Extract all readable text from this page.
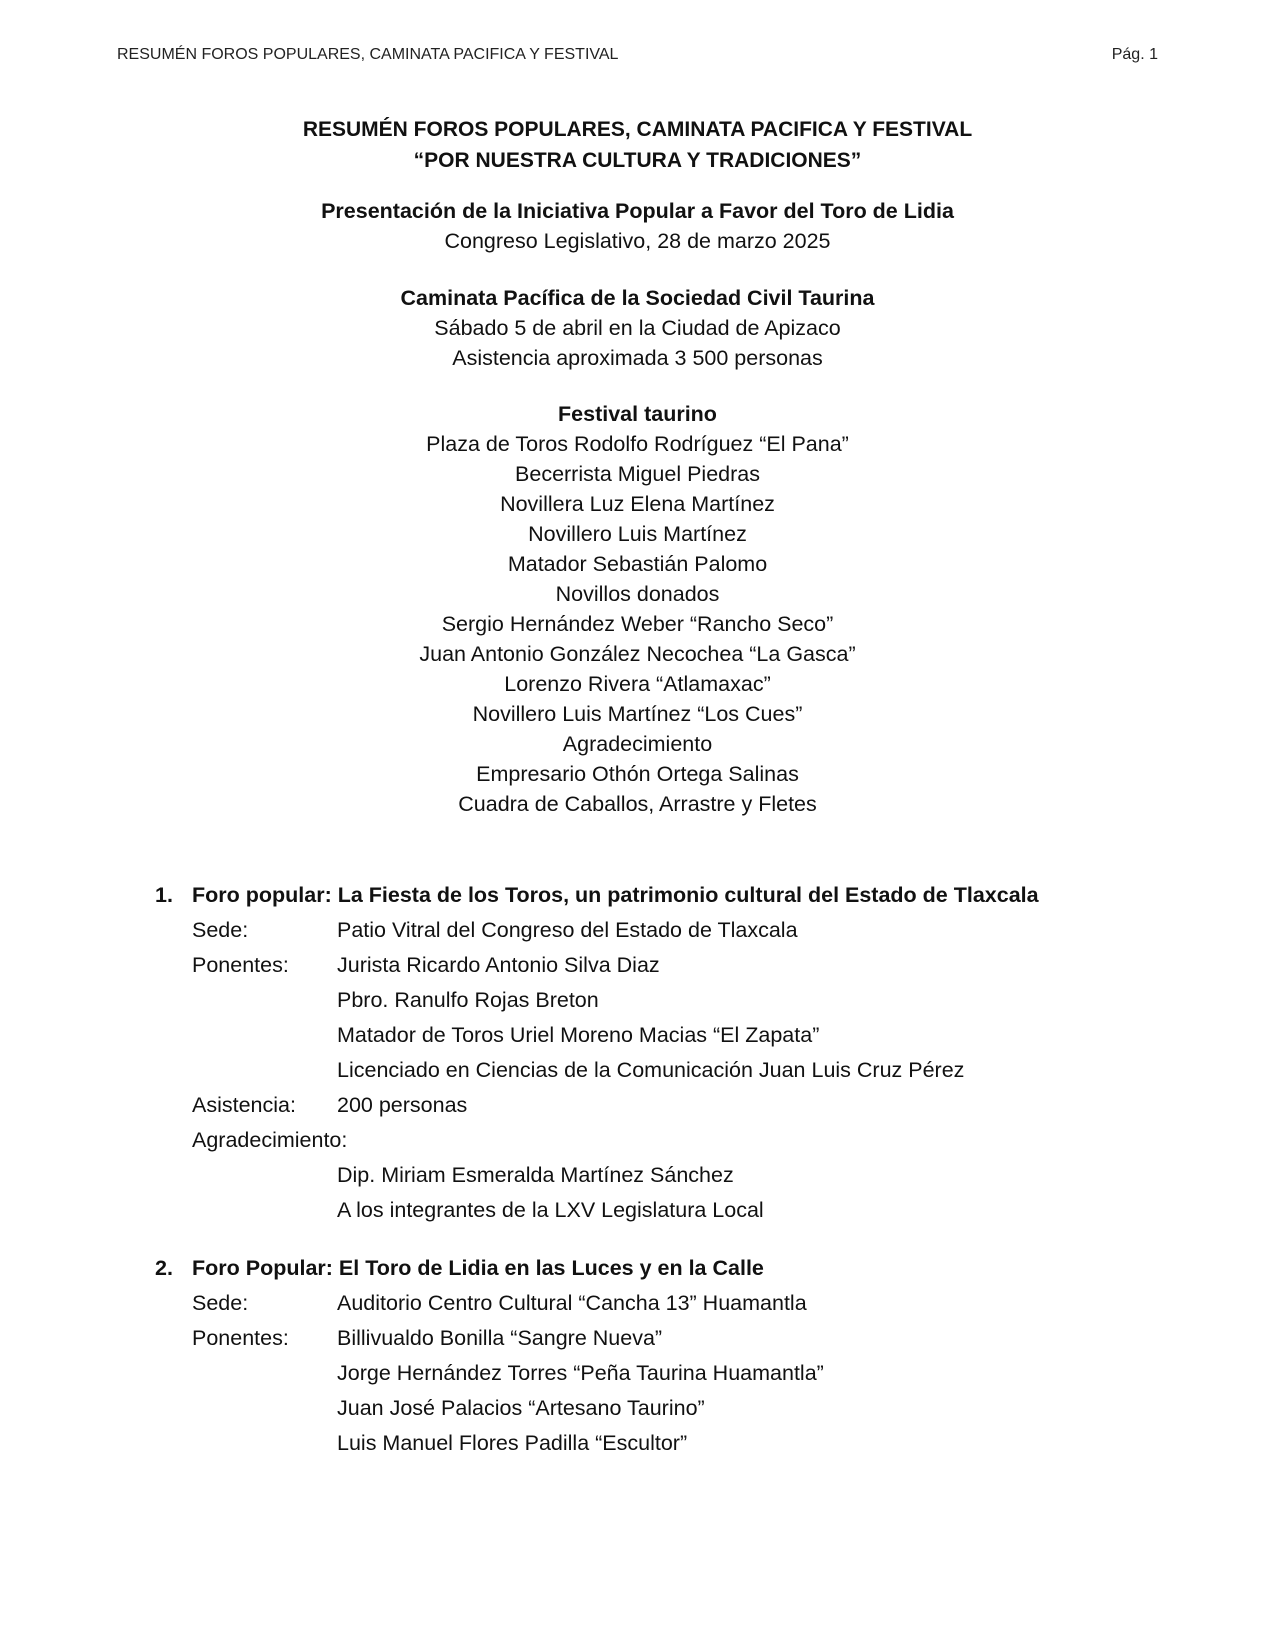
RESUMÉN FOROS POPULARES, CAMINATA PACIFICA Y FESTIVAL	Pág. 1
RESUMÉN FOROS POPULARES, CAMINATA PACIFICA Y FESTIVAL
“POR NUESTRA CULTURA Y TRADICIONES”
Presentación de la Iniciativa Popular a Favor del Toro de Lidia
Congreso Legislativo, 28 de marzo 2025
Caminata Pacífica de la Sociedad Civil Taurina
Sábado 5 de abril en la Ciudad de Apizaco
Asistencia aproximada 3 500 personas
Festival taurino
Plaza de Toros Rodolfo Rodríguez “El Pana”
Becerrista Miguel Piedras
Novillera Luz Elena Martínez
Novillero Luis Martínez
Matador Sebastián Palomo
Novillos donados
Sergio Hernández Weber “Rancho Seco”
Juan Antonio González Necochea “La Gasca”
Lorenzo Rivera “Atlamaxac”
Novillero Luis Martínez “Los Cues”
Agradecimiento
Empresario Othón Ortega Salinas
Cuadra de Caballos, Arrastre y Fletes
1. Foro popular: La Fiesta de los Toros, un patrimonio cultural del Estado de Tlaxcala
Sede:	Patio Vitral del Congreso del Estado de Tlaxcala
Ponentes:	Jurista Ricardo Antonio Silva Diaz
Pbro. Ranulfo Rojas Breton
Matador de Toros Uriel Moreno Macias “El Zapata”
Licenciado en Ciencias de la Comunicación Juan Luis Cruz Pérez
Asistencia:	200 personas
Agradecimiento:
Dip. Miriam Esmeralda Martínez Sánchez
A los integrantes de la LXV Legislatura Local
2. Foro Popular: El Toro de Lidia en las Luces y en la Calle
Sede:	Auditorio Centro Cultural “Cancha 13” Huamantla
Ponentes:	Billivualdo Bonilla “Sangre Nueva”
Jorge Hernández Torres “Peña Taurina Huamantla”
Juan José Palacios “Artesano Taurino”
Luis Manuel Flores Padilla “Escultor”
